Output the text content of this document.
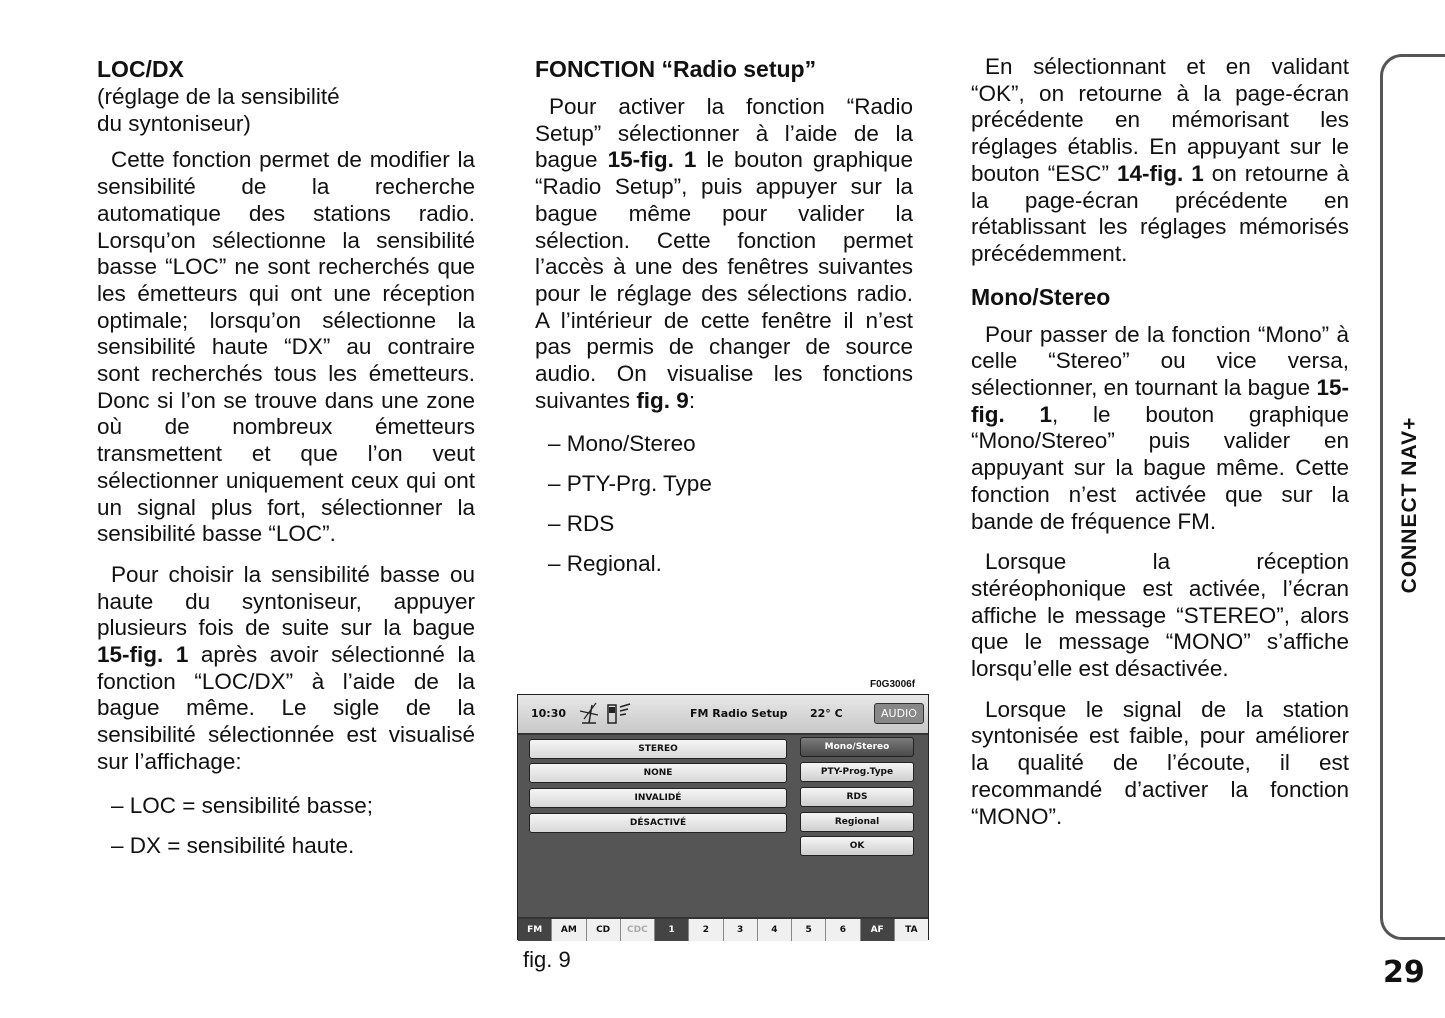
LOC/DX

(réglage de la sensibilité
du syntoniseur)

Cette fonction permet de modifier la sensibilité de la recherche automatique des stations radio. Lorsqu’on sélectionne la sensibilité basse “LOC” ne sont recherchés que les émetteurs qui ont une réception optimale; lorsqu’on sélectionne la sensibilité haute “DX” au contraire sont recherchés tous les émetteurs. Donc si l’on se trouve dans une zone où de nombreux émetteurs transmettent et que l’on veut sélectionner uniquement ceux qui ont un signal plus fort, sélectionner la sensibilité basse “LOC”.

Pour choisir la sensibilité basse ou haute du syntoniseur, appuyer plusieurs fois de suite sur la bague 15-fig. 1 après avoir sélectionné la fonction “LOC/DX” à l’aide de la bague même. Le sigle de la sensibilité sélectionnée est visualisé sur l’affichage:

– LOC = sensibilité basse;

– DX = sensibilité haute.

FONCTION “Radio setup”

Pour activer la fonction “Radio Setup” sélectionner à l’aide de la bague 15-fig. 1 le bouton graphique “Radio Setup”, puis appuyer sur la bague même pour valider la sélection. Cette fonction permet l’accès à une des fenêtres suivantes pour le réglage des sélections radio. A l’intérieur de cette fenêtre il n’est pas permis de changer de source audio. On visualise les fonctions suivantes fig. 9:

– Mono/Stereo

– PTY-Prg. Type

– RDS

– Regional.

En sélectionnant et en validant “OK”, on retourne à la page-écran précédente en mémorisant les réglages établis. En appuyant sur le bouton “ESC” 14-fig. 1 on retourne à la page-écran précédente en rétablissant les réglages mémorisés précédemment.

Mono/Stereo

Pour passer de la fonction “Mono” à celle “Stereo” ou vice versa, sélectionner, en tournant la bague 15-fig. 1, le bouton graphique “Mono/Stereo” puis valider en appuyant sur la bague même. Cette fonction n’est activée que sur la bande de fréquence FM.

Lorsque la réception stéréophonique est activée, l’écran affiche le message “STEREO”, alors que le message “MONO” s’affiche lorsqu’elle est désactivée.

Lorsque le signal de la station syntonisée est faible, pour améliorer la qualité de l’écoute, il est recommandé d’activer la fonction “MONO”.

F0G3006f
10:30	FM Radio Setup 22° C	AUDIO
STEREO
NONE
INVALIDÉ
DÉSACTIVÉ
Mono/Stereo
PTY-Prog.Type
RDS
Regional
OK
FM	AM	CD	CDC	1	2	3	4	5	6	AF	TA
fig. 9
CONNECT NAV+
29
